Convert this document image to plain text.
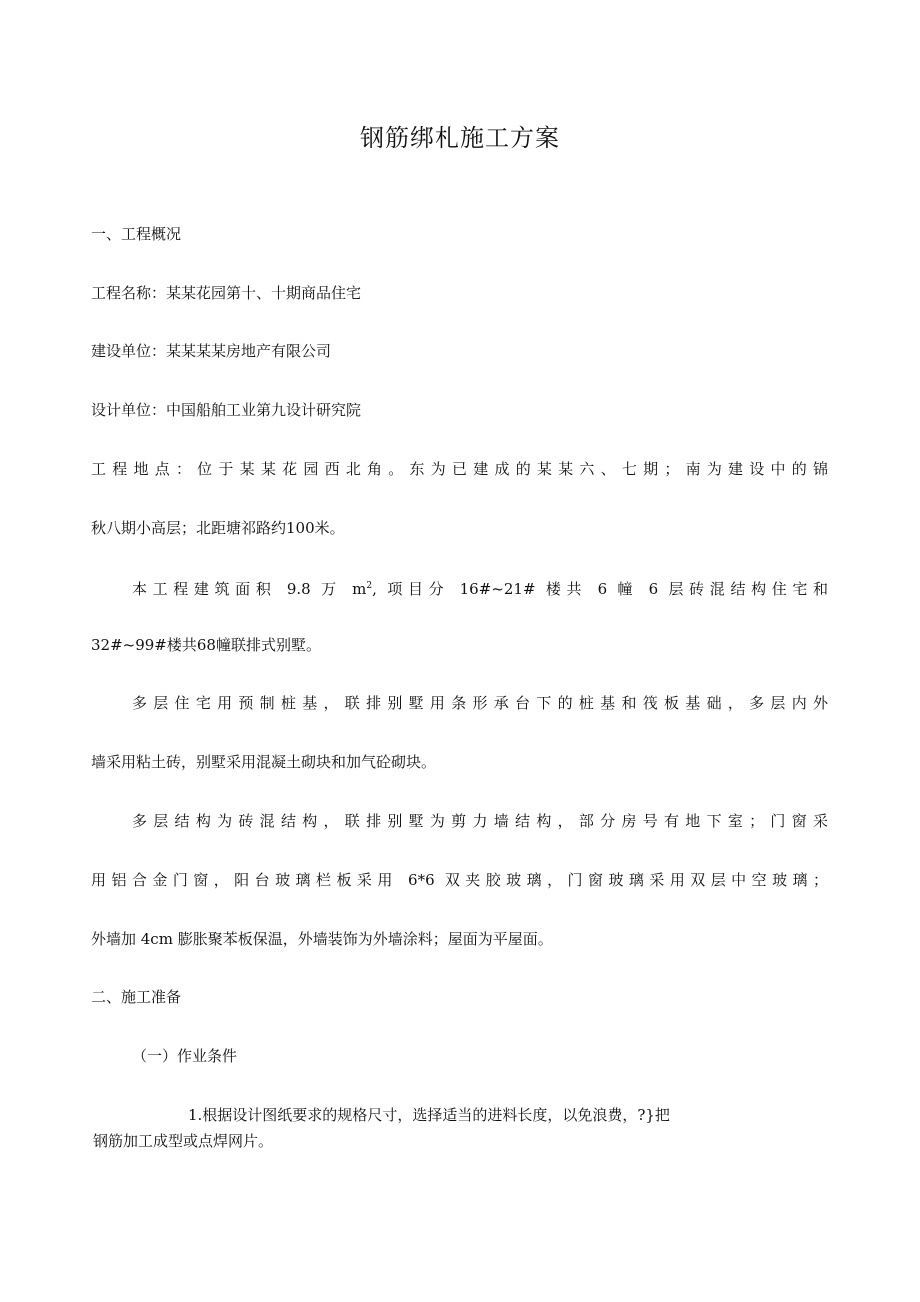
钢筋绑札施工方案
一、工程概况
工程名称：某某花园第十、十期商品住宅
建设单位：某某某某房地产有限公司
设计单位：中国船舶工业第九设计研究院
工程地点：位于某某花园西北角。东为已建成的某某六、七期；南为建设中的锦
秋八期小高层；北距塘祁路约100米。
本工程建筑面积 9.8 万 $m^2$, 项目分 16#~21# 楼共 6 幢 6 层砖混结构住宅和
32#~99#楼共68幢联排式别墅。
多层住宅用预制桩基，联排别墅用条形承台下的桩基和筏板基础，多层内外
墙采用粘土砖，别墅采用混凝土砌块和加气砼砌块。
多层结构为砖混结构，联排别墅为剪力墙结构，部分房号有地下室；门窗采
用铝合金门窗，阳台玻璃栏板采用 6*6 双夹胶玻璃，门窗玻璃采用双层中空玻璃；
外墙加 4cm 膨胀聚苯板保温，外墙装饰为外墙涂料；屋面为平屋面。
二、施工准备
（一）作业条件
1.根据设计图纸要求的规格尺寸，选择适当的进料长度，以免浪费，?}把
钢筋加工成型或点焊网片。
